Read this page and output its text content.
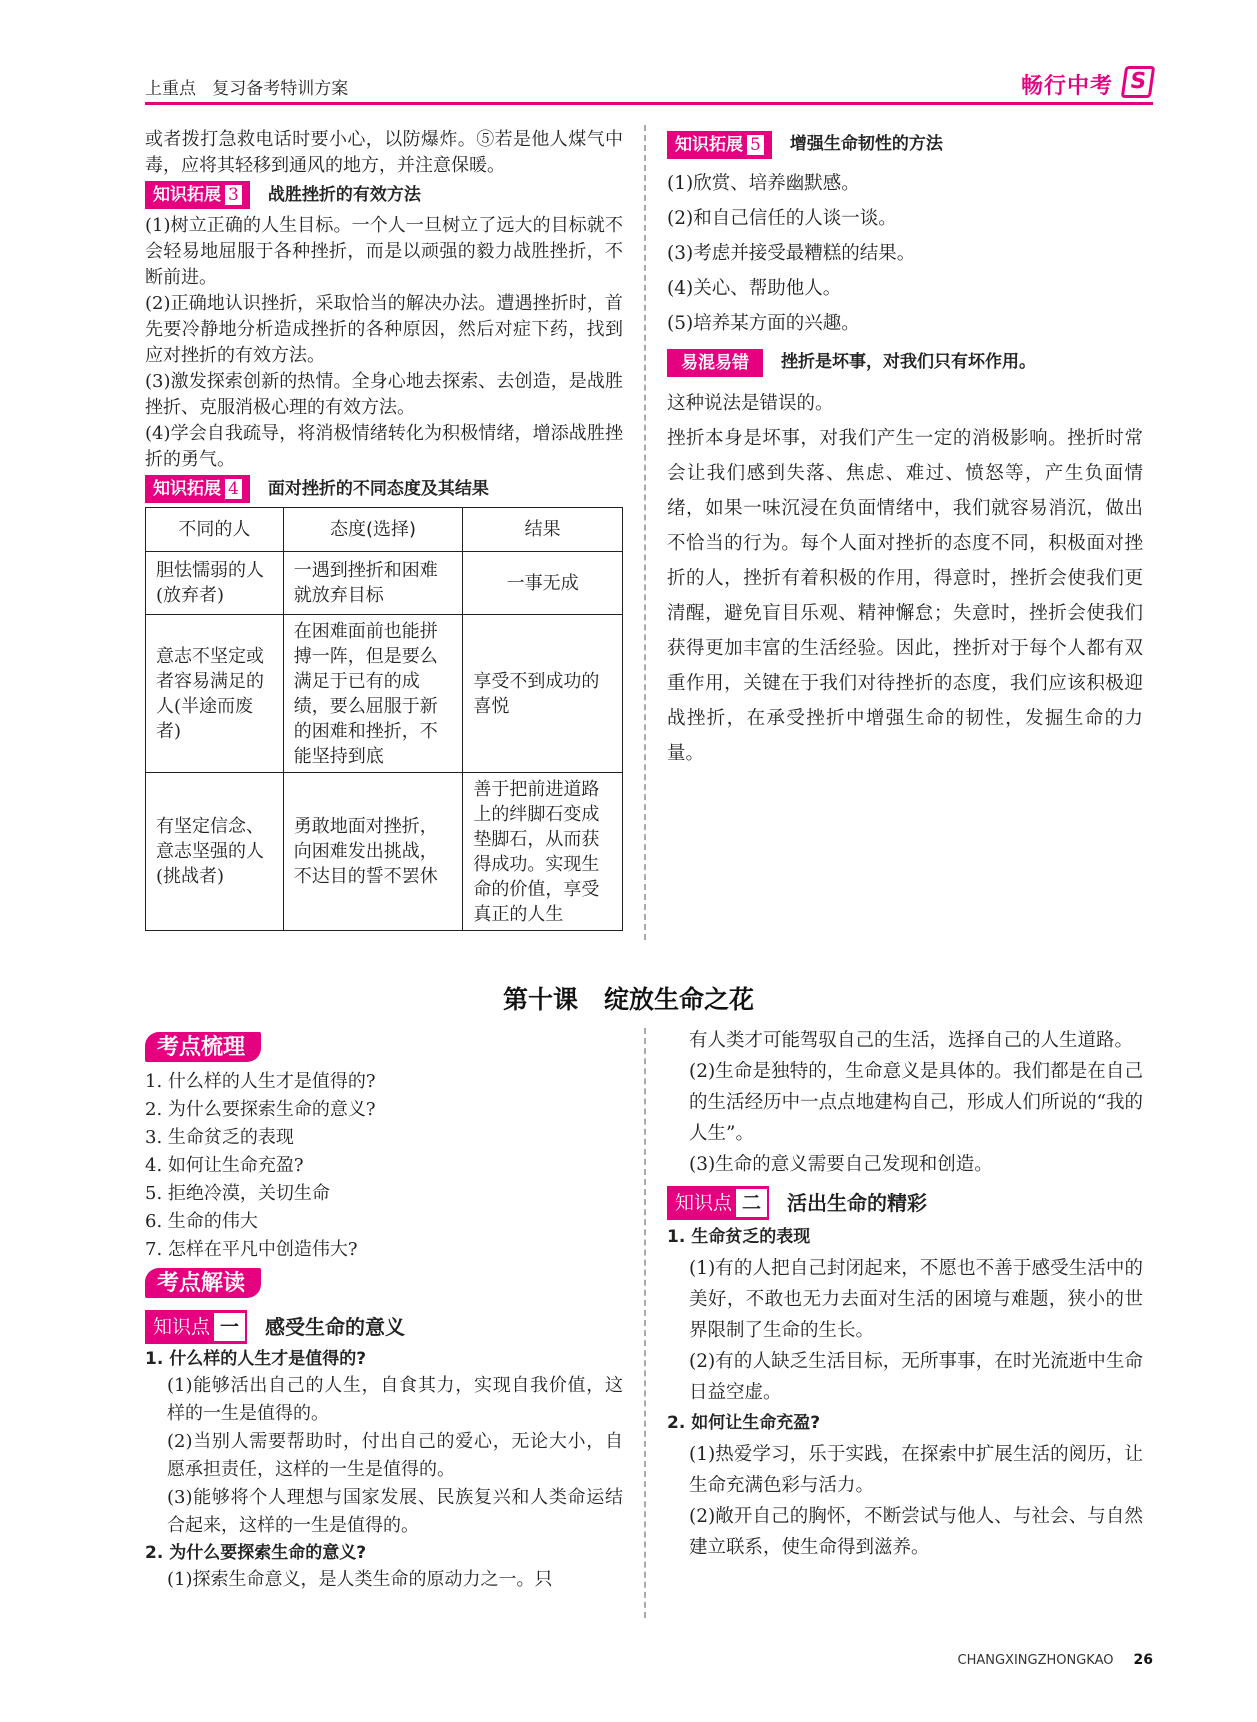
上重点   复习备考特训方案	畅行中考 S

或者拨打急救电话时要小心，以防爆炸。⑤若是他人煤气中毒，应将其轻移到通风的地方，并注意保暖。

知识拓展 3	战胜挫折的有效方法

(1)树立正确的人生目标。一个人一旦树立了远大的目标就不会轻易地屈服于各种挫折，而是以顽强的毅力战胜挫折，不断前进。

(2)正确地认识挫折，采取恰当的解决办法。遭遇挫折时，首先要冷静地分析造成挫折的各种原因，然后对症下药，找到应对挫折的有效方法。

(3)激发探索创新的热情。全身心地去探索、去创造，是战胜挫折、克服消极心理的有效方法。

(4)学会自我疏导，将消极情绪转化为积极情绪，增添战胜挫折的勇气。

知识拓展 4	面对挫折的不同态度及其结果
不同的人	态度(选择)	结果
胆怯懦弱的人(放弃者)	一遇到挫折和困难就放弃目标	一事无成
意志不坚定或者容易满足的人(半途而废者)	在困难面前也能拼搏一阵，但是要么满足于已有的成绩，要么屈服于新的困难和挫折，不能坚持到底	享受不到成功的喜悦
有坚定信念、意志坚强的人(挑战者)	勇敢地面对挫折，向困难发出挑战，不达目的誓不罢休	善于把前进道路上的绊脚石变成垫脚石，从而获得成功。实现生命的价值，享受真正的人生
知识拓展 5	增强生命韧性的方法

(1)欣赏、培养幽默感。

(2)和自己信任的人谈一谈。

(3)考虑并接受最糟糕的结果。

(4)关心、帮助他人。

(5)培养某方面的兴趣。

易混易错	挫折是坏事，对我们只有坏作用。

这种说法是错误的。

挫折本身是坏事，对我们产生一定的消极影响。挫折时常会让我们感到失落、焦虑、难过、愤怒等，产生负面情绪，如果一味沉浸在负面情绪中，我们就容易消沉，做出不恰当的行为。每个人面对挫折的态度不同，积极面对挫折的人，挫折有着积极的作用，得意时，挫折会使我们更清醒，避免盲目乐观、精神懈怠；失意时，挫折会使我们获得更加丰富的生活经验。因此，挫折对于每个人都有双重作用，关键在于我们对待挫折的态度，我们应该积极迎战挫折，在承受挫折中增强生命的韧性，发掘生命的力量。

第十课   绽放生命之花
考点梳理

1. 什么样的人生才是值得的?

2. 为什么要探索生命的意义?

3. 生命贫乏的表现

4. 如何让生命充盈?

5. 拒绝冷漠，关切生命

6. 生命的伟大

7. 怎样在平凡中创造伟大?

考点解读
知识点 一	感受生命的意义

1. 什么样的人生才是值得的?

(1)能够活出自己的人生，自食其力，实现自我价值，这样的一生是值得的。

(2)当别人需要帮助时，付出自己的爱心，无论大小，自愿承担责任，这样的一生是值得的。

(3)能够将个人理想与国家发展、民族复兴和人类命运结合起来，这样的一生是值得的。

2. 为什么要探索生命的意义?

(1)探索生命意义，是人类生命的原动力之一。只

有人类才可能驾驭自己的生活，选择自己的人生道路。

(2)生命是独特的，生命意义是具体的。我们都是在自己的生活经历中一点点地建构自己，形成人们所说的“我的人生”。

(3)生命的意义需要自己发现和创造。

知识点 二	活出生命的精彩

1. 生命贫乏的表现

(1)有的人把自己封闭起来，不愿也不善于感受生活中的美好，不敢也无力去面对生活的困境与难题，狭小的世界限制了生命的生长。

(2)有的人缺乏生活目标，无所事事，在时光流逝中生命日益空虚。

2. 如何让生命充盈?

(1)热爱学习，乐于实践，在探索中扩展生活的阅历，让生命充满色彩与活力。

(2)敞开自己的胸怀，不断尝试与他人、与社会、与自然建立联系，使生命得到滋养。

CHANGXINGZHONGKAO 26
